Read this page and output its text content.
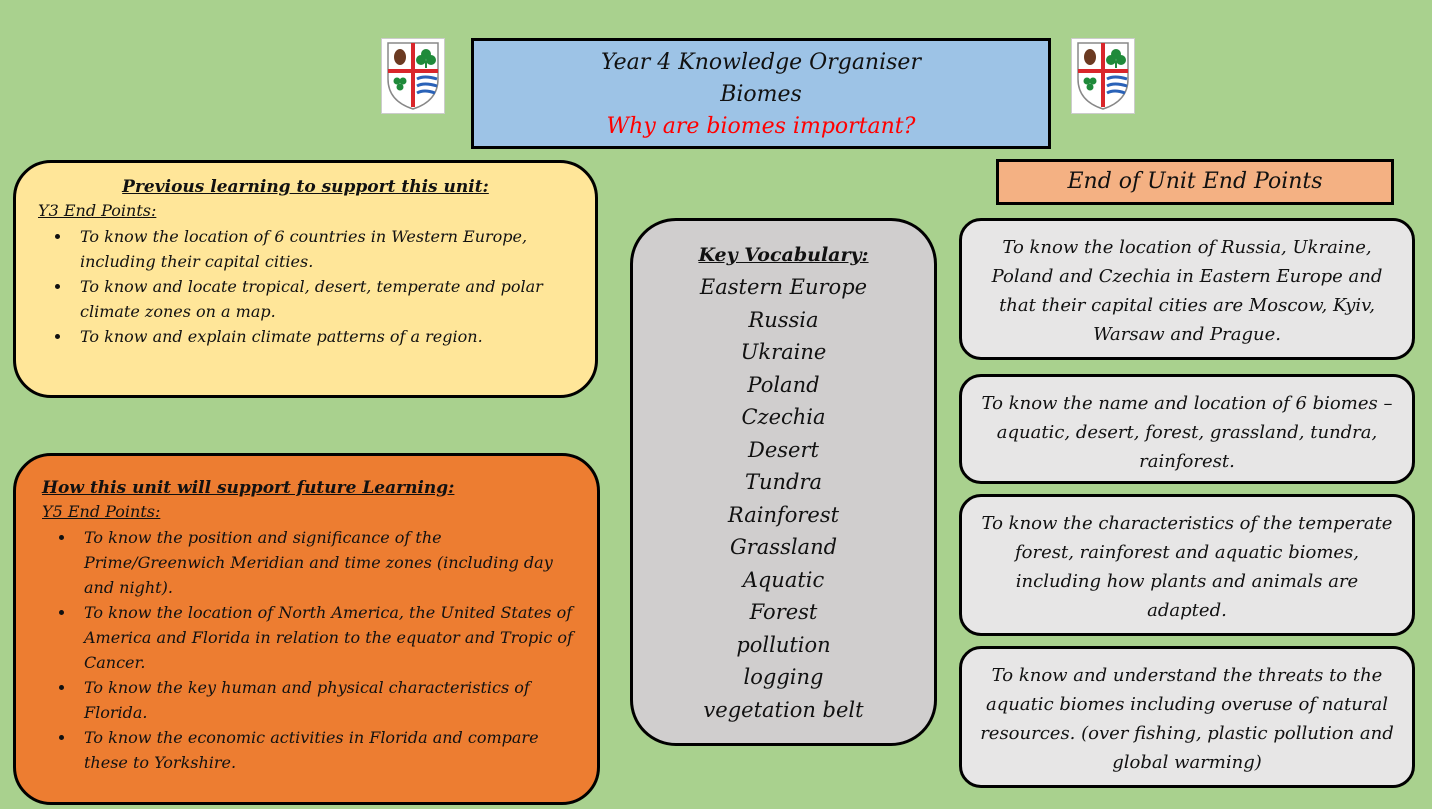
Year 4 Knowledge Organiser
Biomes
Why are biomes important?
Previous learning to support this unit:
Y3 End Points:
• To know the location of 6 countries in Western Europe, including their capital cities.
• To know and locate tropical, desert, temperate and polar climate zones on a map.
• To know and explain climate patterns of a region.
How this unit will support future Learning:
Y5 End Points:
• To know the position and significance of the Prime/Greenwich Meridian and time zones (including day and night).
• To know the location of North America, the United States of America and Florida in relation to the equator and Tropic of Cancer.
• To know the key human and physical characteristics of Florida.
• To know the economic activities in Florida and compare these to Yorkshire.
Key Vocabulary:
Eastern Europe
Russia
Ukraine
Poland
Czechia
Desert
Tundra
Rainforest
Grassland
Aquatic
Forest
pollution
logging
vegetation belt
End of Unit End Points
To know the location of Russia, Ukraine, Poland and Czechia in Eastern Europe and that their capital cities are Moscow, Kyiv, Warsaw and Prague.
To know the name and location of 6 biomes – aquatic, desert, forest, grassland, tundra, rainforest.
To know the characteristics of the temperate forest, rainforest and aquatic biomes, including how plants and animals are adapted.
To know and understand the threats to the aquatic biomes including overuse of natural resources. (over fishing, plastic pollution and global warming)
